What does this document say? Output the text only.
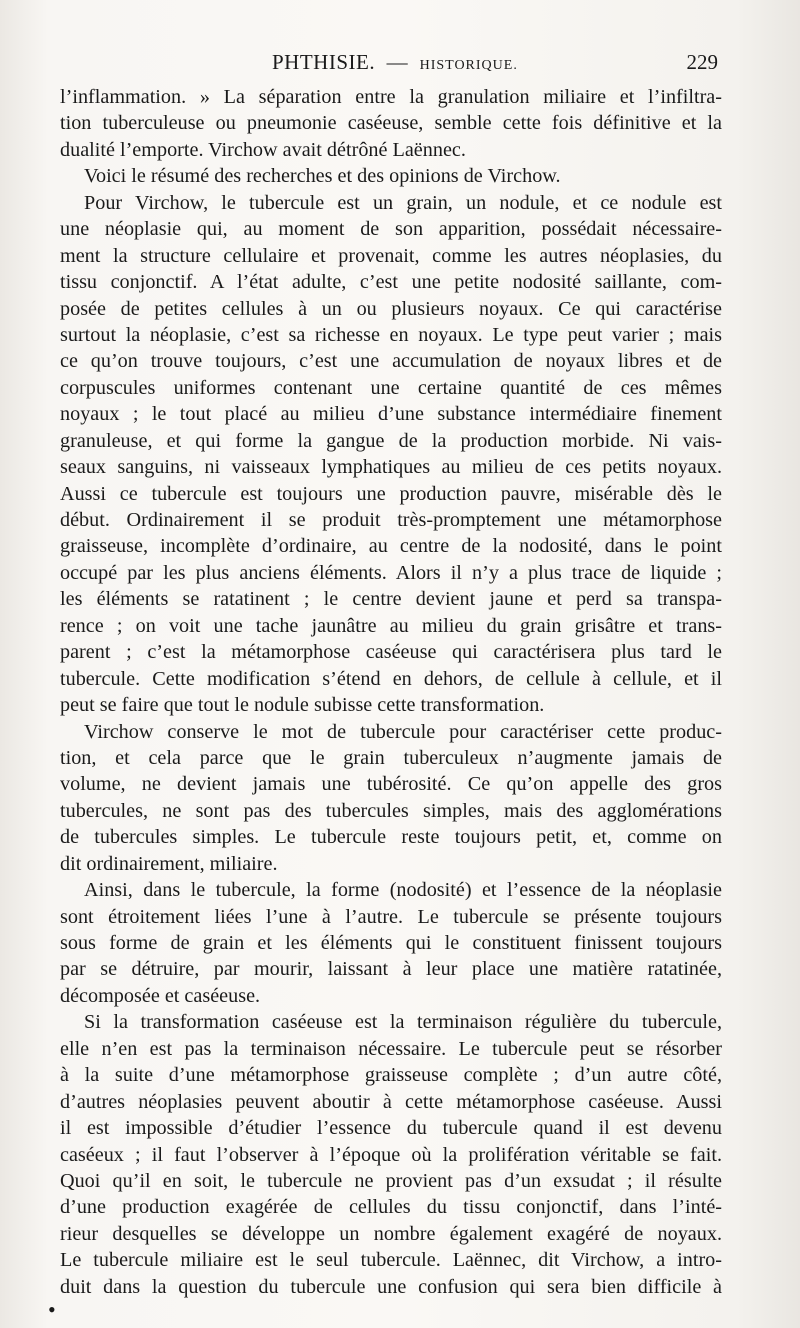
PHTHISIE. — HISTORIQUE.	229
•
l’inflammation. » La séparation entre la granulation miliaire et l’infiltra-
tion tuberculeuse ou pneumonie caséeuse, semble cette fois définitive et la
dualité l’emporte. Virchow avait détrôné Laënnec.
Voici le résumé des recherches et des opinions de Virchow.
Pour Virchow, le tubercule est un grain, un nodule, et ce nodule est
une néoplasie qui, au moment de son apparition, possédait nécessaire-
ment la structure cellulaire et provenait, comme les autres néoplasies, du
tissu conjonctif. A l’état adulte, c’est une petite nodosité saillante, com-
posée de petites cellules à un ou plusieurs noyaux. Ce qui caractérise
surtout la néoplasie, c’est sa richesse en noyaux. Le type peut varier ; mais
ce qu’on trouve toujours, c’est une accumulation de noyaux libres et de
corpuscules uniformes contenant une certaine quantité de ces mêmes
noyaux ; le tout placé au milieu d’une substance intermédiaire finement
granuleuse, et qui forme la gangue de la production morbide. Ni vais-
seaux sanguins, ni vaisseaux lymphatiques au milieu de ces petits noyaux.
Aussi ce tubercule est toujours une production pauvre, misérable dès le
début. Ordinairement il se produit très-promptement une métamorphose
graisseuse, incomplète d’ordinaire, au centre de la nodosité, dans le point
occupé par les plus anciens éléments. Alors il n’y a plus trace de liquide ;
les éléments se ratatinent ; le centre devient jaune et perd sa transpa-
rence ; on voit une tache jaunâtre au milieu du grain grisâtre et trans-
parent ; c’est la métamorphose caséeuse qui caractérisera plus tard le
tubercule. Cette modification s’étend en dehors, de cellule à cellule, et il
peut se faire que tout le nodule subisse cette transformation.
Virchow conserve le mot de tubercule pour caractériser cette produc-
tion, et cela parce que le grain tuberculeux n’augmente jamais de
volume, ne devient jamais une tubérosité. Ce qu’on appelle des gros
tubercules, ne sont pas des tubercules simples, mais des agglomérations
de tubercules simples. Le tubercule reste toujours petit, et, comme on
dit ordinairement, miliaire.
Ainsi, dans le tubercule, la forme (nodosité) et l’essence de la néoplasie
sont étroitement liées l’une à l’autre. Le tubercule se présente toujours
sous forme de grain et les éléments qui le constituent finissent toujours
par se détruire, par mourir, laissant à leur place une matière ratatinée,
décomposée et caséeuse.
Si la transformation caséeuse est la terminaison régulière du tubercule,
elle n’en est pas la terminaison nécessaire. Le tubercule peut se résorber
à la suite d’une métamorphose graisseuse complète ; d’un autre côté,
d’autres néoplasies peuvent aboutir à cette métamorphose caséeuse. Aussi
il est impossible d’étudier l’essence du tubercule quand il est devenu
caséeux ; il faut l’observer à l’époque où la prolifération véritable se fait.
Quoi qu’il en soit, le tubercule ne provient pas d’un exsudat ; il résulte
d’une production exagérée de cellules du tissu conjonctif, dans l’inté-
rieur desquelles se développe un nombre également exagéré de noyaux.
Le tubercule miliaire est le seul tubercule. Laënnec, dit Virchow, a intro-
duit dans la question du tubercule une confusion qui sera bien difficile à
